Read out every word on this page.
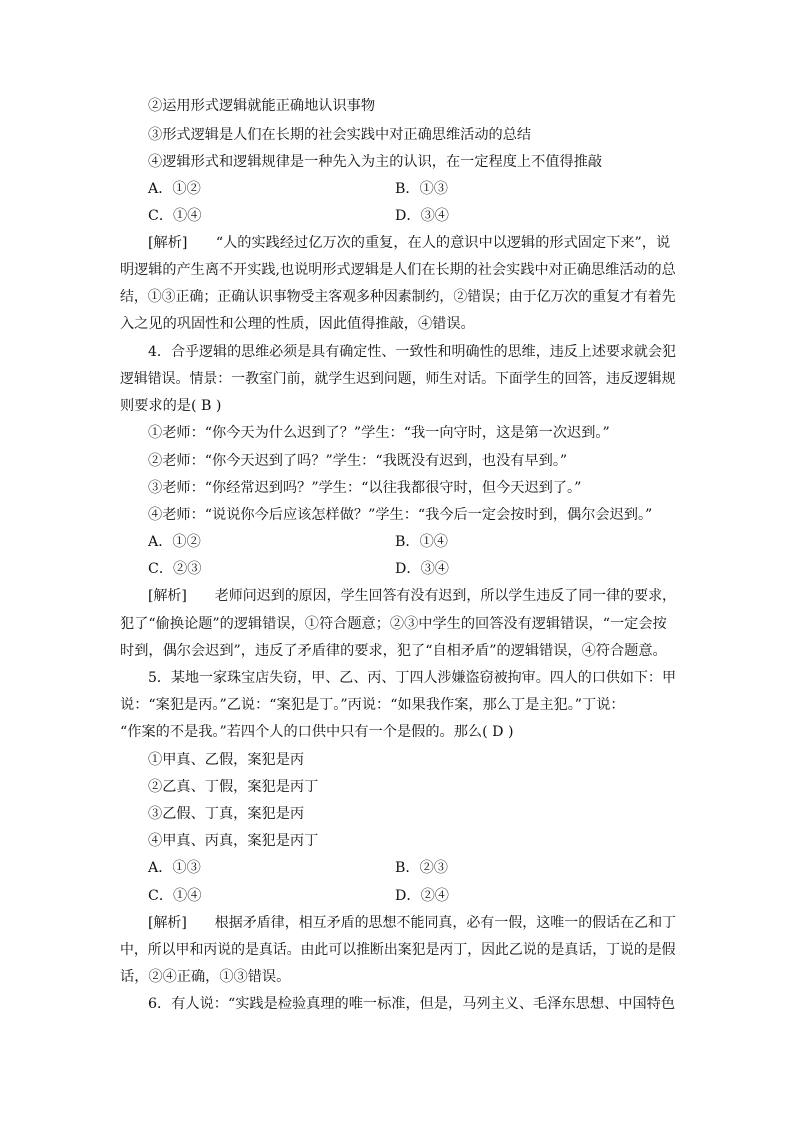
②运用形式逻辑就能正确地认识事物
③形式逻辑是人们在长期的社会实践中对正确思维活动的总结
④逻辑形式和逻辑规律是一种先入为主的认识，在一定程度上不值得推敲
A．①②	B．①③
C．①④	D．③④
[解析]　　“人的实践经过亿万次的重复，在人的意识中以逻辑的形式固定下来”，说
明逻辑的产生离不开实践,也说明形式逻辑是人们在长期的社会实践中对正确思维活动的总
结，①③正确；正确认识事物受主客观多种因素制约，②错误；由于亿万次的重复才有着先
入之见的巩固性和公理的性质，因此值得推敲，④错误。
4．合乎逻辑的思维必须是具有确定性、一致性和明确性的思维，违反上述要求就会犯
逻辑错误。情景：一教室门前，就学生迟到问题，师生对话。下面学生的回答，违反逻辑规
则要求的是( B )
①老师：“你今天为什么迟到了？”学生：“我一向守时，这是第一次迟到。”
②老师：“你今天迟到了吗？”学生：“我既没有迟到，也没有早到。”
③老师：“你经常迟到吗？”学生：“以往我都很守时，但今天迟到了。”
④老师：“说说你今后应该怎样做？”学生：“我今后一定会按时到，偶尔会迟到。”
A．①②	B．①④
C．②③	D．③④
[解析]　　老师问迟到的原因，学生回答有没有迟到，所以学生违反了同一律的要求，
犯了“偷换论题”的逻辑错误，①符合题意；②③中学生的回答没有逻辑错误，“一定会按
时到，偶尔会迟到”，违反了矛盾律的要求，犯了“自相矛盾”的逻辑错误，④符合题意。
5．某地一家珠宝店失窃，甲、乙、丙、丁四人涉嫌盗窃被拘审。四人的口供如下：甲
说：“案犯是丙。”乙说：“案犯是丁。”丙说：“如果我作案，那么丁是主犯。”丁说：
“作案的不是我。”若四个人的口供中只有一个是假的。那么( D )
①甲真、乙假，案犯是丙
②乙真、丁假，案犯是丙丁
③乙假、丁真，案犯是丙
④甲真、丙真，案犯是丙丁
A．①③	B．②③
C．①④	D．②④
[解析]　　根据矛盾律，相互矛盾的思想不能同真，必有一假，这唯一的假话在乙和丁
中，所以甲和丙说的是真话。由此可以推断出案犯是丙丁，因此乙说的是真话，丁说的是假
话，②④正确，①③错误。
6．有人说：“实践是检验真理的唯一标准，但是，马列主义、毛泽东思想、中国特色
